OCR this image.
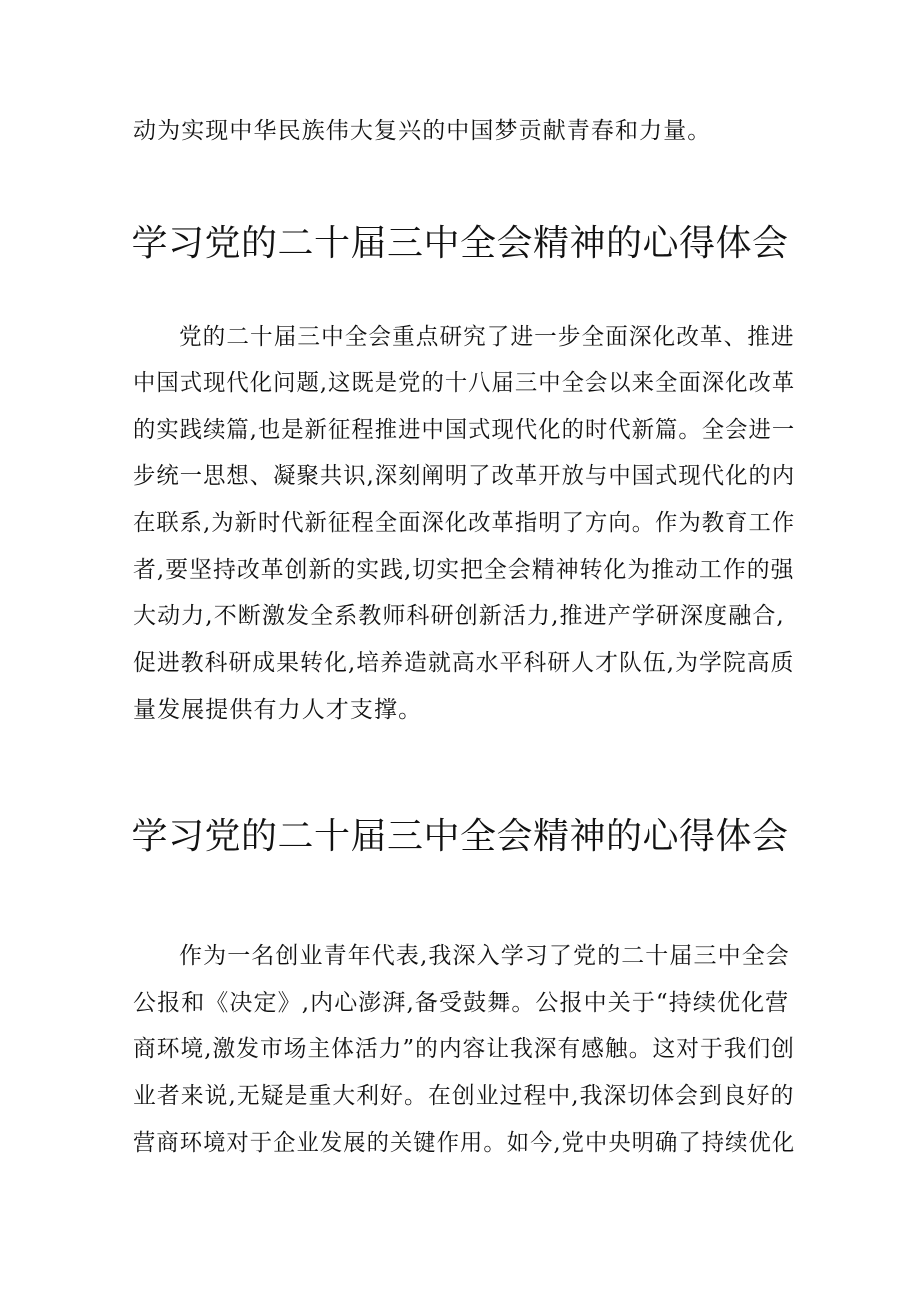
动为实现中华民族伟大复兴的中国梦贡献青春和力量。
学习党的二十届三中全会精神的心得体会
党的二十届三中全会重点研究了进一步全面深化改革、推进
中国式现代化问题,这既是党的十八届三中全会以来全面深化改革
的实践续篇,也是新征程推进中国式现代化的时代新篇。全会进一
步统一思想、凝聚共识,深刻阐明了改革开放与中国式现代化的内
在联系,为新时代新征程全面深化改革指明了方向。作为教育工作
者,要坚持改革创新的实践,切实把全会精神转化为推动工作的强
大动力,不断激发全系教师科研创新活力,推进产学研深度融合,
促进教科研成果转化,培养造就高水平科研人才队伍,为学院高质
量发展提供有力人才支撑。
学习党的二十届三中全会精神的心得体会
作为一名创业青年代表,我深入学习了党的二十届三中全会
公报和《决定》,内心澎湃,备受鼓舞。公报中关于“持续优化营
商环境,激发市场主体活力”的内容让我深有感触。这对于我们创
业者来说,无疑是重大利好。在创业过程中,我深切体会到良好的
营商环境对于企业发展的关键作用。如今,党中央明确了持续优化
